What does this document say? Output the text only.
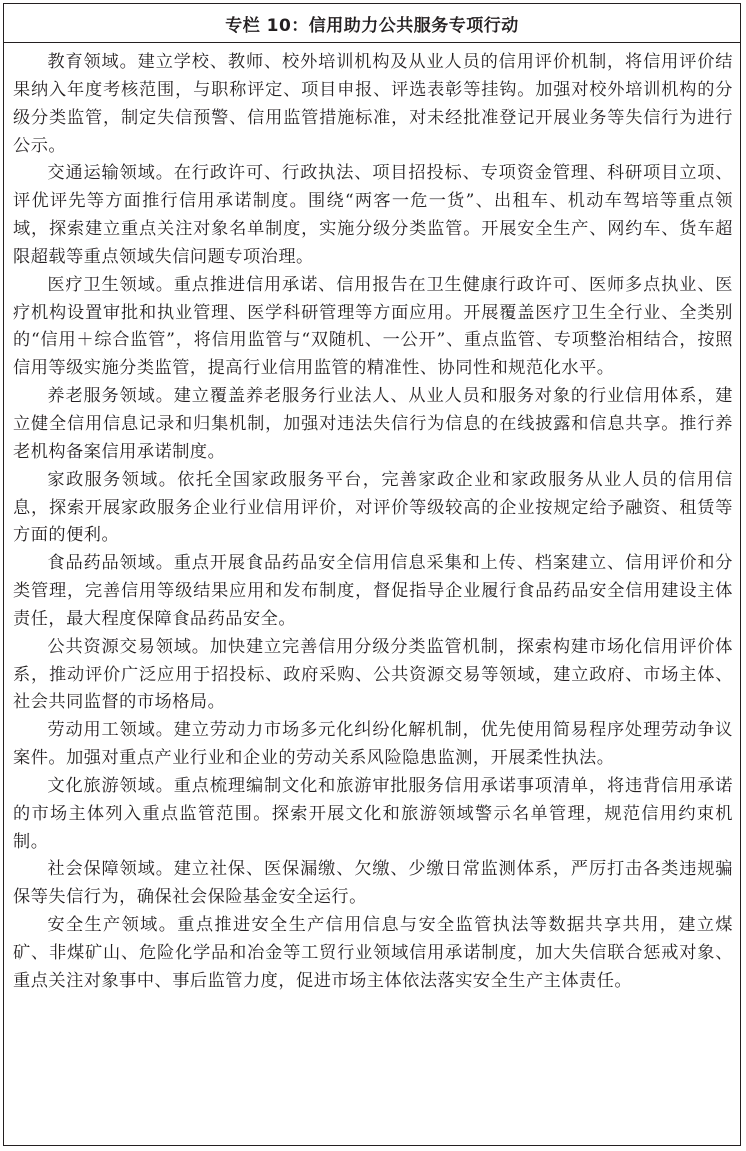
专栏 10：信用助力公共服务专项行动

教育领域。建立学校、教师、校外培训机构及从业人员的信用评价机制，将信用评价结果纳入年度考核范围，与职称评定、项目申报、评选表彰等挂钩。加强对校外培训机构的分级分类监管，制定失信预警、信用监管措施标准，对未经批准登记开展业务等失信行为进行公示。

交通运输领域。在行政许可、行政执法、项目招投标、专项资金管理、科研项目立项、评优评先等方面推行信用承诺制度。围绕“两客一危一货”、出租车、机动车驾培等重点领域，探索建立重点关注对象名单制度，实施分级分类监管。开展安全生产、网约车、货车超限超载等重点领域失信问题专项治理。

医疗卫生领域。重点推进信用承诺、信用报告在卫生健康行政许可、医师多点执业、医疗机构设置审批和执业管理、医学科研管理等方面应用。开展覆盖医疗卫生全行业、全类别的“信用＋综合监管”，将信用监管与“双随机、一公开”、重点监管、专项整治相结合，按照信用等级实施分类监管，提高行业信用监管的精准性、协同性和规范化水平。

养老服务领域。建立覆盖养老服务行业法人、从业人员和服务对象的行业信用体系，建立健全信用信息记录和归集机制，加强对违法失信行为信息的在线披露和信息共享。推行养老机构备案信用承诺制度。

家政服务领域。依托全国家政服务平台，完善家政企业和家政服务从业人员的信用信息，探索开展家政服务企业行业信用评价，对评价等级较高的企业按规定给予融资、租赁等方面的便利。

食品药品领域。重点开展食品药品安全信用信息采集和上传、档案建立、信用评价和分类管理，完善信用等级结果应用和发布制度，督促指导企业履行食品药品安全信用建设主体责任，最大程度保障食品药品安全。

公共资源交易领域。加快建立完善信用分级分类监管机制，探索构建市场化信用评价体系，推动评价广泛应用于招投标、政府采购、公共资源交易等领域，建立政府、市场主体、社会共同监督的市场格局。

劳动用工领域。建立劳动力市场多元化纠纷化解机制，优先使用简易程序处理劳动争议案件。加强对重点产业行业和企业的劳动关系风险隐患监测，开展柔性执法。

文化旅游领域。重点梳理编制文化和旅游审批服务信用承诺事项清单，将违背信用承诺的市场主体列入重点监管范围。探索开展文化和旅游领域警示名单管理，规范信用约束机制。

社会保障领域。建立社保、医保漏缴、欠缴、少缴日常监测体系，严厉打击各类违规骗保等失信行为，确保社会保险基金安全运行。

安全生产领域。重点推进安全生产信用信息与安全监管执法等数据共享共用，建立煤矿、非煤矿山、危险化学品和冶金等工贸行业领域信用承诺制度，加大失信联合惩戒对象、重点关注对象事中、事后监管力度，促进市场主体依法落实安全生产主体责任。
